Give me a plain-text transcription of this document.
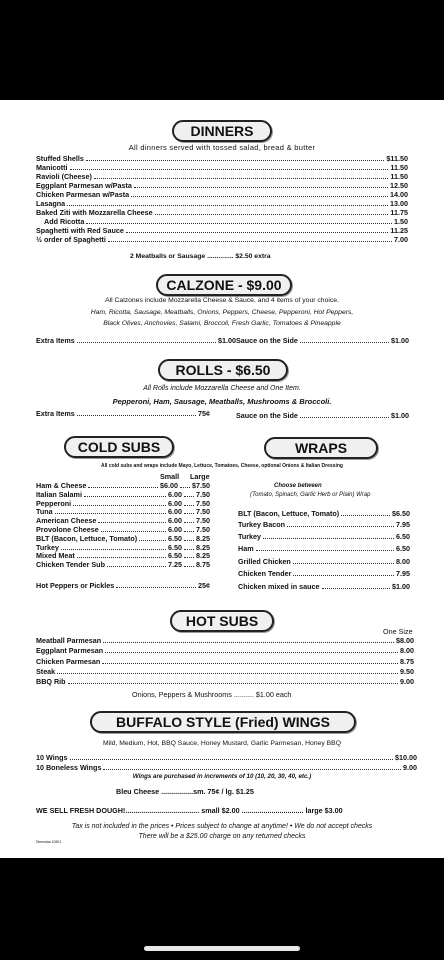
DINNERS
All dinners served with tossed salad, bread & butter
2 Meatballs or Sausage .............. $2.50 extra
CALZONE - $9.00
All Calzones include Mozzarella Cheese & Sauce, and 4 items of your choice.
Ham, Ricotta, Sausage, Meatballs, Onions, Peppers, Cheese, Pepperoni, Hot Peppers,
Black Olives, Anchovies, Salami, Broccoli, Fresh Garlic, Tomatoes & Pineapple
Extra Items	$1.00 Sauce on the Side	$1.00
ROLLS - $6.50
All Rolls include Mozzarella Cheese and One Item.
Pepperoni, Ham, Sausage, Meatballs, Mushrooms & Broccoli.
Extra Items	75¢	Sauce on the Side	$1.00
COLD SUBS	WRAPS
All cold subs and wraps include Mayo, Lettuce, Tomatoes, Cheese, optional Onions & Italian Dressing
Small Large
Hot Peppers or Pickles	25¢
Choose between
(Tomato, Spinach, Garlic Herb or Plain) Wrap
HOT SUBS
One Size
Onions, Peppers & Mushrooms .......... $1.00 each
BUFFALO STYLE (Fried) WINGS
Mild, Medium, Hot, BBQ Sauce, Honey Mustard, Garlic Parmesan, Honey BBQ
Wings are purchased in increments of 10 (10, 20, 30, 40, etc.)
Bleu Cheese ................sm. 75¢ / lg. $1.25
WE SELL FRESH DOUGH!..................................... small $2.00 ............................... large $3.00
Tax is not included in the prices • Prices subject to change at anytime! • We do not accept checks
There will be a $25.00 charge on any returned checks
Dimeolas 10501
Stuffed Shells	$11.50
Manicotti	11.50
Ravioli (Cheese)	11.50
Eggplant Parmesan w/Pasta	12.50
Chicken Parmesan w/Pasta	14.00
Lasagna	13.00
Baked Ziti with Mozzarella Cheese	11.75
Add Ricotta	1.50
Spaghetti with Red Sauce	11.25
½ order of Spaghetti	7.00
Ham & Cheese	$6.00 $7.50
Italian Salami	6.00 7.50
Pepperoni	6.00 7.50
Tuna	6.00 7.50
American Cheese	6.00 7.50
Provolone Cheese	6.00 7.50
BLT (Bacon, Lettuce, Tomato)	6.50 8.25
Turkey	6.50 8.25
Mixed Meat	6.50 8.25
Chicken Tender Sub	7.25 8.75
BLT (Bacon, Lettuce, Tomato)	$6.50
Turkey Bacon	7.95
Turkey	6.50
Ham	6.50
Grilled Chicken	8.00
Chicken Tender	7.95
Chicken mixed in sauce	$1.00
Meatball Parmesan	$8.00
Eggplant Parmesan	8.00
Chicken Parmesan	8.75
Steak	9.50
BBQ Rib	9.00
10 Wings	$10.00
10 Boneless Wings	9.00
